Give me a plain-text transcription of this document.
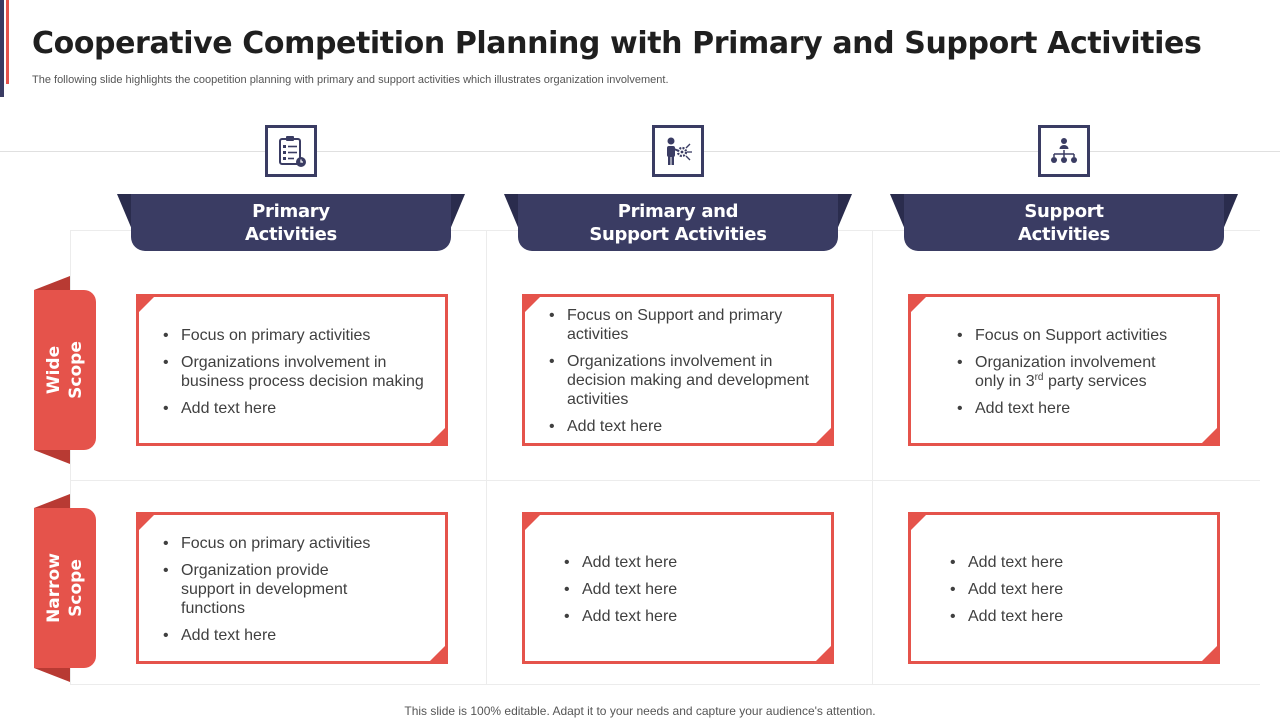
Cooperative Competition Planning with Primary and Support Activities

The following slide highlights the coopetition planning with primary and support activities which illustrates organization involvement.

Primary
Activities
Primary and
Support Activities
Support
Activities
Wide
Scope
Narrow
Scope
• Focus on primary activities
• Organizations involvement in business process decision making
• Add text here
• Focus on Support and primary activities
• Organizations involvement in decision making and development activities
• Add text here
• Focus on Support activities
• Organization involvement only in 3rd party services
• Add text here
• Focus on primary activities
• Organization provide support in development functions
• Add text here
• Add text here
• Add text here
• Add text here
• Add text here
• Add text here
• Add text here

This slide is 100% editable. Adapt it to your needs and capture your audience's attention.
